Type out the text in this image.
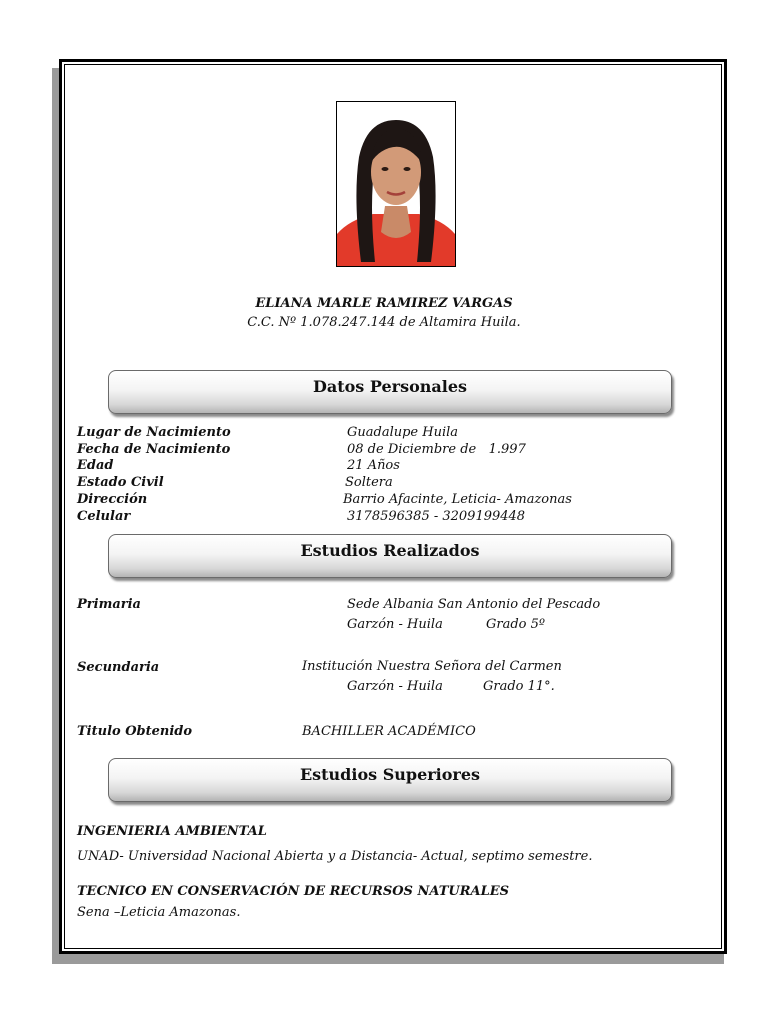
ELIANA MARLE RAMIREZ VARGAS
C.C. Nº 1.078.247.144 de Altamira Huila.
Datos Personales
Lugar de Nacimiento	Guadalupe Huila
Fecha de Nacimiento	08 de Diciembre de   1.997
Edad	21 Años
Estado Civil	Soltera
Dirección	Barrio Afacinte, Leticia- Amazonas
Celular	3178596385 - 3209199448
Estudios Realizados
Primaria	Sede Albania San Antonio del Pescado
Garzón - Huila	Grado 5º
Secundaria	Institución Nuestra Señora del Carmen
Garzón - Huila	Grado 11°.
Titulo Obtenido	BACHILLER ACADÉMICO
Estudios Superiores
INGENIERIA AMBIENTAL
UNAD- Universidad Nacional Abierta y a Distancia- Actual, septimo semestre.
TECNICO EN CONSERVACIÓN DE RECURSOS NATURALES
Sena –Leticia Amazonas.
